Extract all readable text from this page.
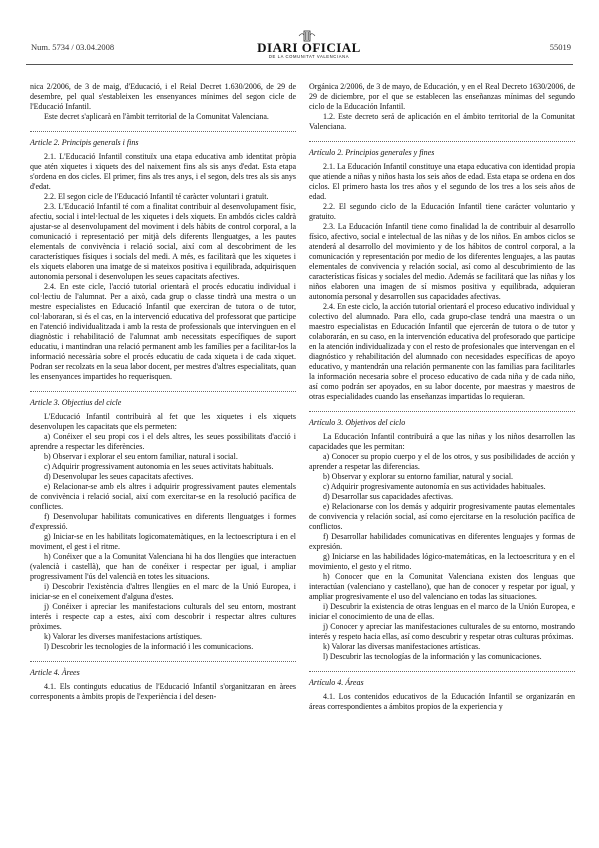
Num. 5734 / 03.04.2008	DIARI OFICIAL
DE LA COMUNITAT VALENCIANA
55019

nica 2/2006, de 3 de maig, d'Educació, i el Reial Decret 1.630/2006, de 29 de desembre, pel qual s'estableixen les ensenyances mínimes del segon cicle de l'Educació Infantil.

Este decret s'aplicarà en l'àmbit territorial de la Comunitat Valenciana.

Article 2. Principis generals i fins

2.1. L'Educació Infantil constituïx una etapa educativa amb identitat pròpia que atén xiquetes i xiquets des del naixement fins als sis anys d'edat. Esta etapa s'ordena en dos cicles. El primer, fins als tres anys, i el segon, dels tres als sis anys d'edat.

2.2. El segon cicle de l'Educació Infantil té caràcter voluntari i gratuït.

2.3. L'Educació Infantil té com a finalitat contribuir al desenvolupament físic, afectiu, social i intel·lectual de les xiquetes i dels xiquets. En ambdós cicles caldrà ajustar-se al desenvolupament del moviment i dels hàbits de control corporal, a la comunicació i representació per mitjà dels diferents llenguatges, a les pautes elementals de convivència i relació social, així com al descobriment de les característiques físiques i socials del medi. A més, es facilitarà que les xiquetes i els xiquets elaboren una imatge de si mateixos positiva i equilibrada, adquirisquen autonomia personal i desenvolupen les seues capacitats afectives.

2.4. En este cicle, l'acció tutorial orientarà el procés educatiu individual i col·lectiu de l'alumnat. Per a això, cada grup o classe tindrà una mestra o un mestre especialistes en Educació Infantil que exerciran de tutora o de tutor, col·laboraran, si és el cas, en la intervenció educativa del professorat que participe en l'atenció individualitzada i amb la resta de professionals que intervinguen en el diagnòstic i rehabilitació de l'alumnat amb necessitats específiques de suport educatiu, i mantindran una relació permanent amb les famílies per a facilitar-los la informació necessària sobre el procés educatiu de cada xiqueta i de cada xiquet. Podran ser recolzats en la seua labor docent, per mestres d'altres especialitats, quan les ensenyances impartides ho requerisquen.

Article 3. Objectius del cicle

L'Educació Infantil contribuirà al fet que les xiquetes i els xiquets desenvolupen les capacitats que els permeten:

a) Conéixer el seu propi cos i el dels altres, les seues possibilitats d'acció i aprendre a respectar les diferències.

b) Observar i explorar el seu entorn familiar, natural i social.

c) Adquirir progressivament autonomia en les seues activitats habituals.

d) Desenvolupar les seues capacitats afectives.

e) Relacionar-se amb els altres i adquirir progressivament pautes elementals de convivència i relació social, així com exercitar-se en la resolució pacífica de conflictes.

f) Desenvolupar habilitats comunicatives en diferents llenguatges i formes d'expressió.

g) Iniciar-se en les habilitats logicomatemàtiques, en la lectoescriptura i en el moviment, el gest i el ritme.

h) Conéixer que a la Comunitat Valenciana hi ha dos llengües que interactuen (valencià i castellà), que han de conéixer i respectar per igual, i ampliar progressivament l'ús del valencià en totes les situacions.

i) Descobrir l'existència d'altres llengües en el marc de la Unió Europea, i iniciar-se en el coneixement d'alguna d'estes.

j) Conéixer i apreciar les manifestacions culturals del seu entorn, mostrant interés i respecte cap a estes, així com descobrir i respectar altres cultures pròximes.

k) Valorar les diverses manifestacions artístiques.

l) Descobrir les tecnologies de la informació i les comunicacions.

Article 4. Àrees

4.1. Els continguts educatius de l'Educació Infantil s'organitzaran en àrees corresponents a àmbits propis de l'experiència i del desen-

Orgánica 2/2006, de 3 de mayo, de Educación, y en el Real Decreto 1630/2006, de 29 de diciembre, por el que se establecen las enseñanzas mínimas del segundo ciclo de la Educación Infantil.

1.2. Este decreto será de aplicación en el ámbito territorial de la Comunitat Valenciana.

Artículo 2. Principios generales y fines

2.1. La Educación Infantil constituye una etapa educativa con identidad propia que atiende a niñas y niños hasta los seis años de edad. Esta etapa se ordena en dos ciclos. El primero hasta los tres años y el segundo de los tres a los seis años de edad.

2.2. El segundo ciclo de la Educación Infantil tiene carácter voluntario y gratuito.

2.3. La Educación Infantil tiene como finalidad la de contribuir al desarrollo físico, afectivo, social e intelectual de las niñas y de los niños. En ambos ciclos se atenderá al desarrollo del movimiento y de los hábitos de control corporal, a la comunicación y representación por medio de los diferentes lenguajes, a las pautas elementales de convivencia y relación social, así como al descubrimiento de las características físicas y sociales del medio. Además se facilitará que las niñas y los niños elaboren una imagen de sí mismos positiva y equilibrada, adquieran autonomía personal y desarrollen sus capacidades afectivas.

2.4. En este ciclo, la acción tutorial orientará el proceso educativo individual y colectivo del alumnado. Para ello, cada grupo-clase tendrá una maestra o un maestro especialistas en Educación Infantil que ejercerán de tutora o de tutor y colaborarán, en su caso, en la intervención educativa del profesorado que participe en la atención individualizada y con el resto de profesionales que intervengan en el diagnóstico y rehabilitación del alumnado con necesidades específicas de apoyo educativo, y mantendrán una relación permanente con las familias para facilitarles la información necesaria sobre el proceso educativo de cada niña y de cada niño, así como podrán ser apoyados, en su labor docente, por maestras y maestros de otras especialidades cuando las enseñanzas impartidas lo requieran.

Artículo 3. Objetivos del ciclo

La Educación Infantil contribuirá a que las niñas y los niños desarrollen las capacidades que les permitan:

a) Conocer su propio cuerpo y el de los otros, y sus posibilidades de acción y aprender a respetar las diferencias.

b) Observar y explorar su entorno familiar, natural y social.

c) Adquirir progresivamente autonomía en sus actividades habituales.

d) Desarrollar sus capacidades afectivas.

e) Relacionarse con los demás y adquirir progresivamente pautas elementales de convivencia y relación social, así como ejercitarse en la resolución pacífica de conflictos.

f) Desarrollar habilidades comunicativas en diferentes lenguajes y formas de expresión.

g) Iniciarse en las habilidades lógico-matemáticas, en la lectoescritura y en el movimiento, el gesto y el ritmo.

h) Conocer que en la Comunitat Valenciana existen dos lenguas que interactúan (valenciano y castellano), que han de conocer y respetar por igual, y ampliar progresivamente el uso del valenciano en todas las situaciones.

i) Descubrir la existencia de otras lenguas en el marco de la Unión Europea, e iniciar el conocimiento de una de ellas.

j) Conocer y apreciar las manifestaciones culturales de su entorno, mostrando interés y respeto hacia ellas, así como descubrir y respetar otras culturas próximas.

k) Valorar las diversas manifestaciones artísticas.

l) Descubrir las tecnologías de la información y las comunicaciones.

Artículo 4. Áreas

4.1. Los contenidos educativos de la Educación Infantil se organizarán en áreas correspondientes a ámbitos propios de la experiencia y
